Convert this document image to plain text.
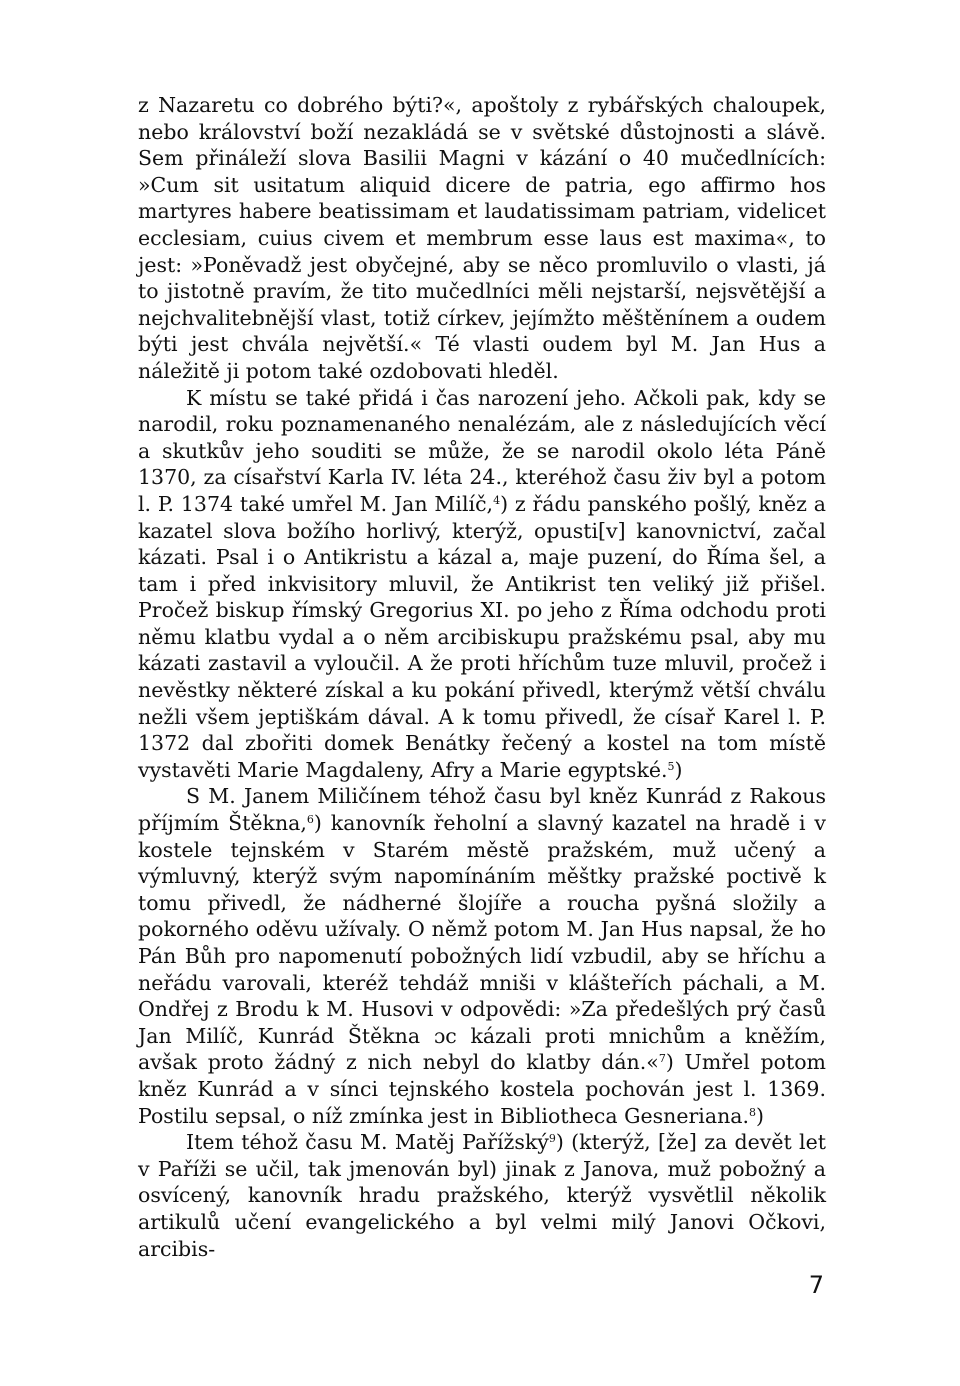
z Nazaretu co dobrého býti?«, apoštoly z rybářských chaloupek, nebo království boží nezakládá se v světské důstojnosti a slávě. Sem přináleží slova Basilii Magni v kázání o 40 mučedlnících: »Cum sit usitatum aliquid dicere de patria, ego affirmo hos martyres habere beatissimam et laudatissimam patriam, videlicet ecclesiam, cuius civem et membrum esse laus est maxima«, to jest: »Poněvadž jest obyčejné, aby se něco promluvilo o vlasti, já to jistotně pravím, že tito mučedlníci měli nejstarší, nejsvětější a nejchvalitebnější vlast, totiž církev, jejímžto měštěnínem a oudem býti jest chvála největší.« Té vlasti oudem byl M. Jan Hus a náležitě ji potom také ozdobovati hleděl.

K místu se také přidá i čas narození jeho. Ačkoli pak, kdy se narodil, roku poznamenaného nenalézám, ale z následujících věcí a skutkův jeho souditi se může, že se narodil okolo léta Páně 1370, za císařství Karla IV. léta 24., kteréhož času živ byl a potom l. P. 1374 také umřel M. Jan Milíč,$^4$) z řádu panského pošlý, kněz a kazatel slova božího horlivý, kterýž, opusti[v] kanovnictví, začal kázati. Psal i o Antikristu a kázal a, maje puzení, do Říma šel, a tam i před inkvisitory mluvil, že Antikrist ten veliký již přišel. Pročež biskup římský Gregorius XI. po jeho z Říma odchodu proti němu klatbu vydal a o něm arcibiskupu pražskému psal, aby mu kázati zastavil a vyloučil. A že proti hříchům tuze mluvil, pročež i nevěstky některé získal a ku pokání přivedl, kterýmž větší chválu nežli všem jeptiškám dával. A k tomu přivedl, že císař Karel l. P. 1372 dal zbořiti domek Benátky řečený a kostel na tom místě vystavěti Marie Magdaleny, Afry a Marie egyptské.$^5$)

S M. Janem Miličínem téhož času byl kněz Kunrád z Rakous příjmím Štěkna,$^6$) kanovník řeholní a slavný kazatel na hradě i v kostele tejnském v Starém městě pražském, muž učený a výmluvný, kterýž svým napomínáním měštky pražské poctivě k tomu přivedl, že nádherné šlojíře a roucha pyšná složily a pokorného oděvu užívaly. O němž potom M. Jan Hus napsal, že ho Pán Bůh pro napomenutí pobožných lidí vzbudil, aby se hříchu a neřádu varovali, kteréž tehdáž mniši v klášteřích páchali, a M. Ondřej z Brodu k M. Husovi v odpovědi: »Za předešlých prý časů Jan Milíč, Kunrád Štěkna ɔc kázali proti mnichům a kněžím, avšak proto žádný z nich nebyl do klatby dán.«$^7$) Umřel potom kněz Kunrád a v sínci tejnského kostela pochován jest l. 1369. Postilu sepsal, o níž zmínka jest in Bibliotheca Gesneriana.$^8$)

Item téhož času M. Matěj Pařížský$^9$) (kterýž, [že] za devět let v Paříži se učil, tak jmenován byl) jinak z Janova, muž pobožný a osvícený, kanovník hradu pražského, kterýž vysvětlil několik artikulů učení evangelického a byl velmi milý Janovi Očkovi, arcibis-

7
